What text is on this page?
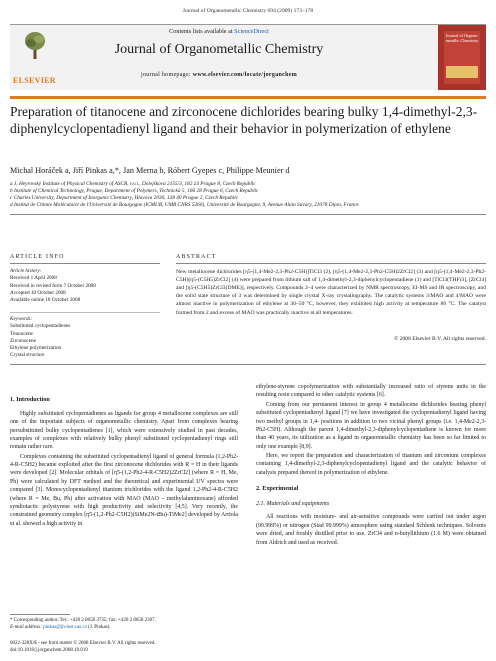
Journal of Organometallic Chemistry 694 (2009) 173–178
ELSEVIER
Contents lists available at ScienceDirect
Journal of Organometallic Chemistry
journal homepage: www.elsevier.com/locate/jorganchem
Journal of Organo-metallic Chemistry
Preparation of titanocene and zirconocene dichlorides bearing bulky 1,4-dimethyl-2,3-diphenylcyclopentadienyl ligand and their behavior in polymerization of ethylene
Michal Horáček a, Jiří Pinkas a,*, Jan Merna b, Róbert Gyepes c, Philippe Meunier d
a J. Heyrovský Institute of Physical Chemistry of ASCR, v.v.i., Dolejškova 2155/3, 182 23 Prague 8, Czech Republic
b Institute of Chemical Technology, Prague, Department of Polymers, Technická 5, 166 28 Prague 6, Czech Republic
c Charles University, Department of Inorganic Chemistry, Hlavova 2030, 128 40 Prague 2, Czech Republic
d Institut de Chimie Moléculaire de l'Université de Bourgogne (ICMUB, UMR CNRS 5260), Université de Bourgogne, 9, Avenue Alain Savary, 21078 Dijon, France
ARTICLE INFO	ABSTRACT
Article history:
Received 1 April 2008
Received in revised form 7 October 2008
Accepted 10 October 2008
Available online 18 October 2008
Keywords:
Substituted cyclopentadienes
Titanocene
Zirconocene
Ethylene polymerization
Crystal structure
New metallocene dichlorides [η5-(1,4-Me2-2,3-Ph2-C5H)]TiCl3 (2), [η5-(1,4-Me2-2,3-Ph2-C5H)2ZrCl2] (3) and [η5-(1,4-Me2-2,3-Ph2-C5H)(η5-(C5H5)ZrCl2] (4) were prepared from lithium salt of 1,4-dimethyl-2,3-diphenylcyclopentadiene (1) and [TiCl3(THF)3], [ZrCl4] and [η5-(C5H5)ZrCl3(DME)], respectively. Compounds 2–4 were characterized by NMR spectroscopy, EI-MS and IR spectroscopy, and the solid state structure of 3 was determined by single crystal X-ray crystallography. The catalytic systems 3/MAO and 4/MAO were almost inactive in polymerization of ethylene at 30–50 °C, however, they exhibited high activity at temperature 80 °C. The catalyst formed from 2 and excess of MAO was practically inactive at all temperatures.
© 2008 Elsevier B.V. All rights reserved.
1. Introduction

Highly substituted cyclopentadienes as ligands for group 4 metallocene complexes are still one of the important subjects of organometallic chemistry. Apart from complexes bearing persubstituted bulky cyclopentadienes [1], which were extensively studied in past decades, examples of complexes with relatively bulky phenyl substituted cyclopentadienyl rings still remain rather rare.

Complexes containing the substituted cyclopentadienyl ligand of general formula (1,2-Ph2-4-R-C5H2) became exploited after the first zirconocene dichlorides with R = H in their ligands were developed [2]. Molecular orbitals of [η5-(1,2-Ph2-4-R-C5H2)2ZrCl2] (where R = H, Me, Ph) were calculated by DFT method and the theoretical and experimental UV spectra were compared [3]. Monocyclopentadienyl titanium trichlorides with the ligand 1,2-Ph2-4-R-C5H2 (where R = Me, Bu, Ph) after activation with MAO (MAO – methylaluminoxane) afforded syndiotactic polystyrene with high productivity and selectivity [4,5]. Very recently, the constrained geometry complex [η5-(1,2-Ph2-C5H2)(SiMe2N-tBu)-TiMe2] developed by Arriola et al. showed a high activity in

ethylene-styrene copolymerization with substantially increased ratio of styrene units in the resulting resin compared to other catalytic systems [6].

Coming from our permanent interest in group 4 metallocene dichlorides bearing phenyl substituted cyclopentadienyl ligand [7] we have investigated the cyclopentadienyl ligand having two methyl groups in 1,4- positions in addition to two vicinal phenyl groups (i.e. 1,4-Me2-2,3-Ph2-C5H). Although the parent 1,4-dimethyl-2,3-diphenylcyclopentadiene is known for more than 40 years, its utilization as a ligand in organometallic chemistry has been so far limited to only one example [8,9].

Here, we report the preparation and characterization of titanium and zirconium complexes containing 1,4-dimethyl-2,3-diphenylcyclopentadienyl ligand and the catalytic behavior of catalysts prepared thereof in polymerization of ethylene.

2. Experimental
2.1. Materials and equipments

All reactions with moisture- and air-sensitive compounds were carried out under argon (99.999%) or nitrogen (Siad 99.999%) atmosphere using standard Schlenk techniques. Solvents were dried, and freshly distilled prior to use. ZrCl4 and n-butyllithium (1.6 M) were obtained from Aldrich and used as received.

* Corresponding author. Tel.: +420 2 8658 3735; fax: +420 2 8658 2307.
E-mail address: pinkas@jh-inst.cas.cz (J. Pinkas).
0022-328X/$ - see front matter © 2008 Elsevier B.V. All rights reserved.
doi:10.1016/j.jorganchem.2008.10.019
